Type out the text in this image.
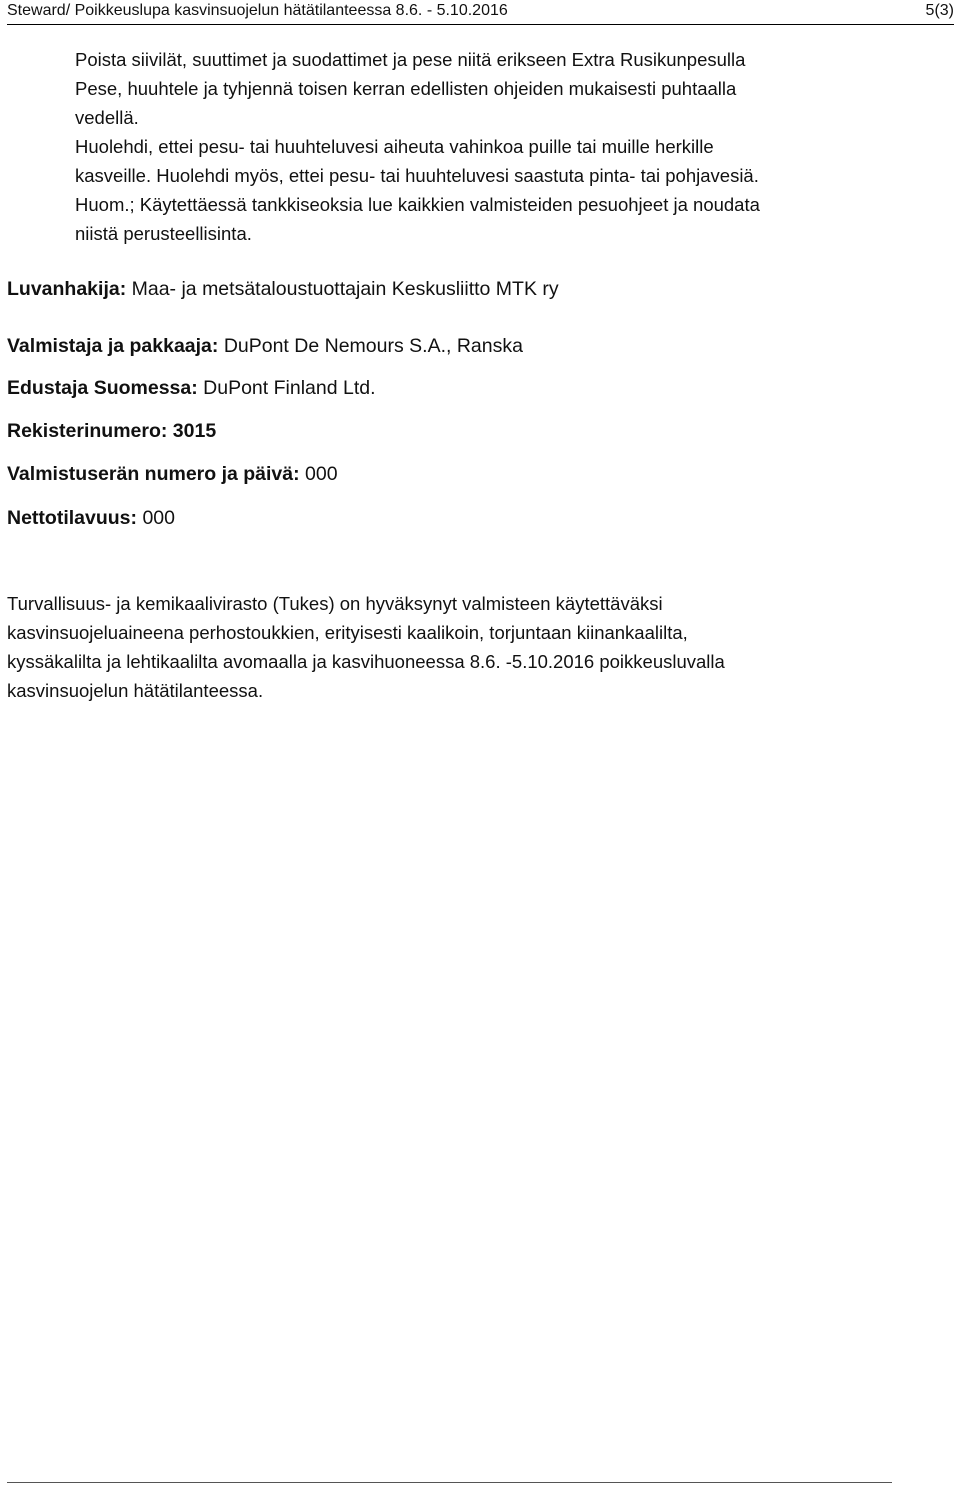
Steward/ Poikkeuslupa kasvinsuojelun hätätilanteessa 8.6. - 5.10.2016	5(3)

Poista siivilät, suuttimet ja suodattimet ja pese niitä erikseen Extra Rusikunpesulla

Pese, huuhtele ja tyhjennä toisen kerran edellisten ohjeiden mukaisesti puhtaalla

vedellä.

Huolehdi, ettei pesu- tai huuhteluvesi aiheuta vahinkoa puille tai muille herkille

kasveille. Huolehdi myös, ettei pesu- tai huuhteluvesi saastuta pinta- tai pohjavesiä.

Huom.; Käytettäessä tankkiseoksia lue kaikkien valmisteiden pesuohjeet ja noudata

niistä perusteellisinta.

Luvanhakija: Maa- ja metsätaloustuottajain Keskusliitto MTK ry
Valmistaja ja pakkaaja: DuPont De Nemours S.A., Ranska
Edustaja Suomessa: DuPont Finland Ltd.
Rekisterinumero: 3015
Valmistuserän numero ja päivä: 000
Nettotilavuus: 000

Turvallisuus- ja kemikaalivirasto (Tukes) on hyväksynyt valmisteen käytettäväksi

kasvinsuojeluaineena perhostoukkien, erityisesti kaalikoin, torjuntaan kiinankaalilta,

kyssäkalilta ja lehtikaalilta avomaalla ja kasvihuoneessa 8.6. -5.10.2016 poikkeusluvalla

kasvinsuojelun hätätilanteessa.
